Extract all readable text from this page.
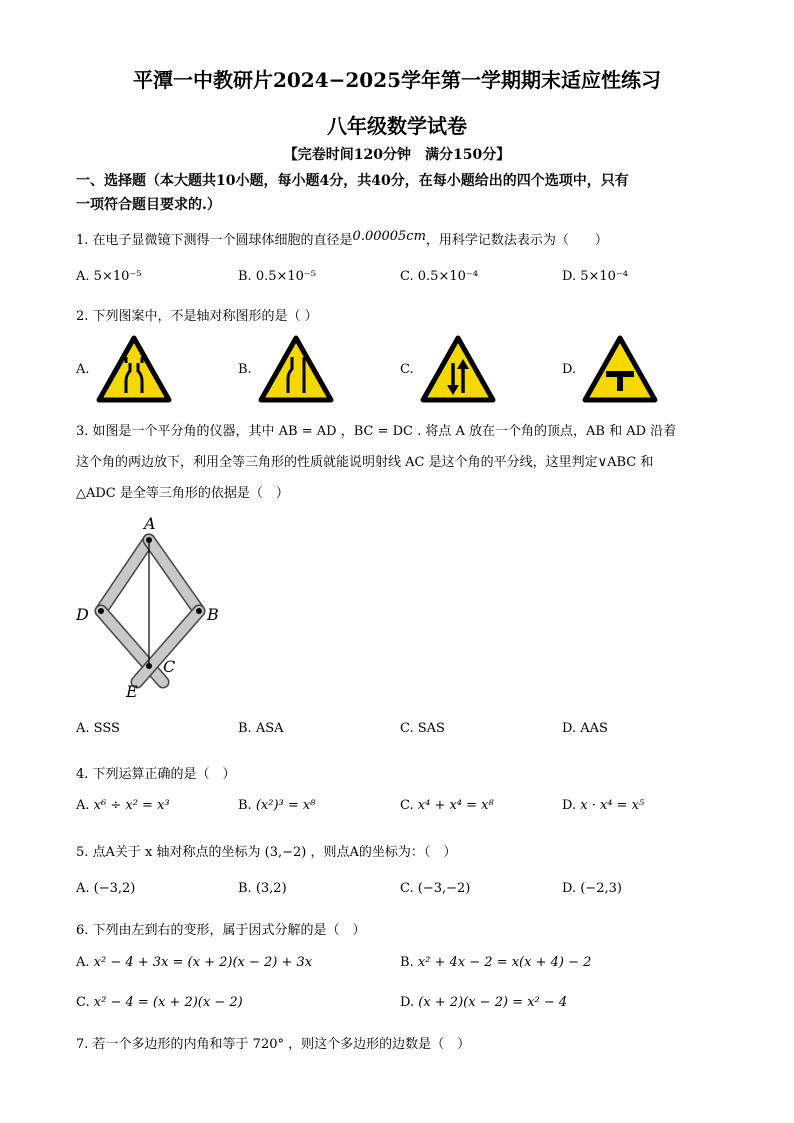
平潭一中教研片2024−2025学年第一学期期末适应性练习
八年级数学试卷
【完卷时间120分钟　满分150分】
一、选择题（本大题共10小题，每小题4分，共40分，在每小题给出的四个选项中，只有
一项符合题目要求的.）
1. 在电子显微镜下测得一个圆球体细胞的直径是0.00005cm，用科学记数法表示为（　　）
A. 5×10⁻⁵	B. 0.5×10⁻⁵	C. 0.5×10⁻⁴	D. 5×10⁻⁴
2. 下列图案中，不是轴对称图形的是（ ）
A.	B.	C.	D.
3. 如图是一个平分角的仪器，其中 AB = AD ，BC = DC . 将点 A 放在一个角的顶点，AB 和 AD 沿着
这个角的两边放下，利用全等三角形的性质就能说明射线 AC 是这个角的平分线，这里判定∨ABC 和
△ADC 是全等三角形的依据是（　）
A
D	B
C
E
A. SSS	B. ASA	C. SAS	D. AAS
4. 下列运算正确的是（　）
A. x⁶ ÷ x² = x³	B. (x²)³ = x⁸	C. x⁴ + x⁴ = x⁸	D. x · x⁴ = x⁵
5. 点A关于 x 轴对称点的坐标为 (3,−2) ，则点A的坐标为：（　）
A. (−3,2)	B. (3,2)	C. (−3,−2)	D. (−2,3)
6. 下列由左到右的变形，属于因式分解的是（　）
A. x² − 4 + 3x = (x + 2)(x − 2) + 3x	B. x² + 4x − 2 = x(x + 4) − 2
C. x² − 4 = (x + 2)(x − 2)	D. (x + 2)(x − 2) = x² − 4
7. 若一个多边形的内角和等于 720° ，则这个多边形的边数是（　）
